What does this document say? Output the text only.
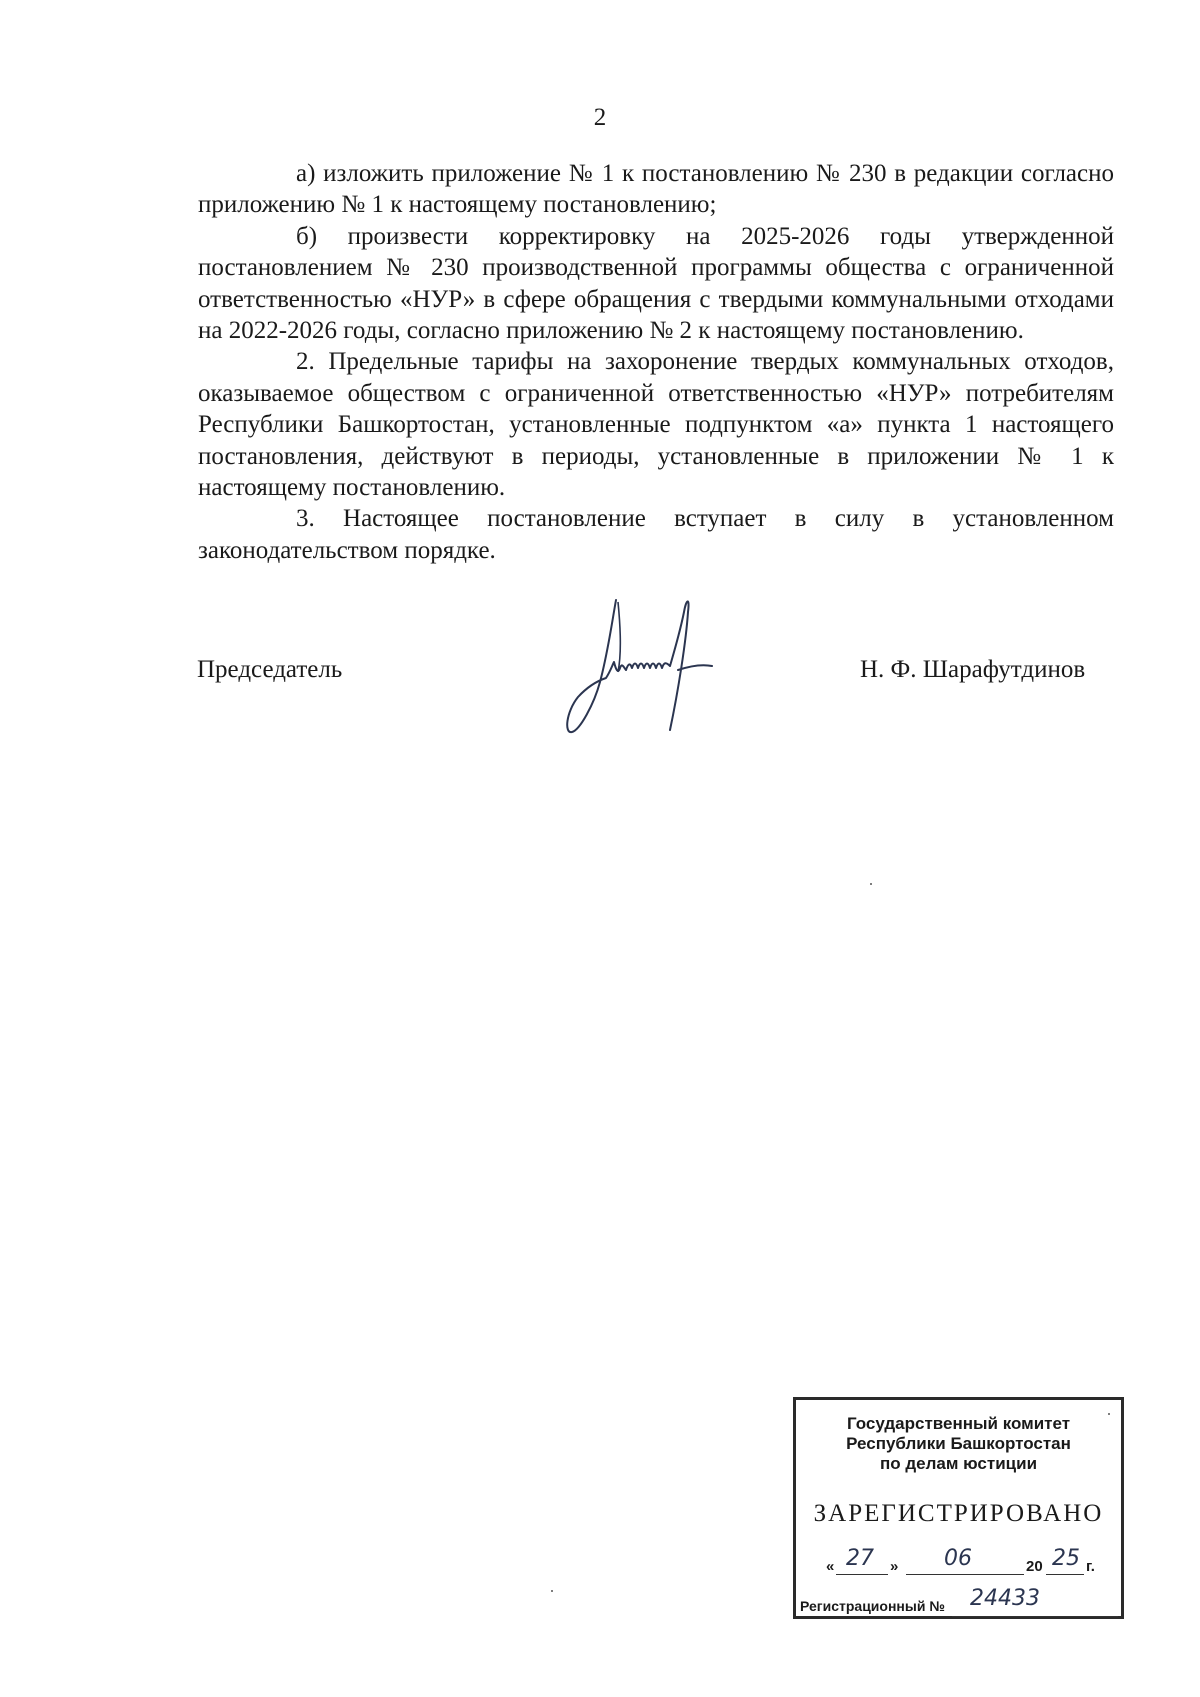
2

а) изложить приложение № 1 к постановлению № 230 в редакции согласно приложению № 1 к настоящему постановлению;

б) произвести корректировку на 2025-2026 годы утвержденной постановлением № 230 производственной программы общества с ограниченной ответственностью «НУР» в сфере обращения с твердыми коммунальными отходами на 2022-2026 годы, согласно приложению № 2 к настоящему постановлению.

2. Предельные тарифы на захоронение твердых коммунальных отходов, оказываемое обществом с ограниченной ответственностью «НУР» потребителям Республики Башкортостан, установленные подпунктом «а» пункта 1 настоящего постановления, действуют в периоды, установленные в приложении № 1 к настоящему постановлению.

3. Настоящее постановление вступает в силу в установленном законодательством порядке.

Председатель	Н. Ф. Шарафутдинов
Государственный комитет
Республики Башкортостан
по делам юстиции
ЗАРЕГИСТРИРОВАНО
« 27 » 06	20 25 г.
Регистрационный № 24433
